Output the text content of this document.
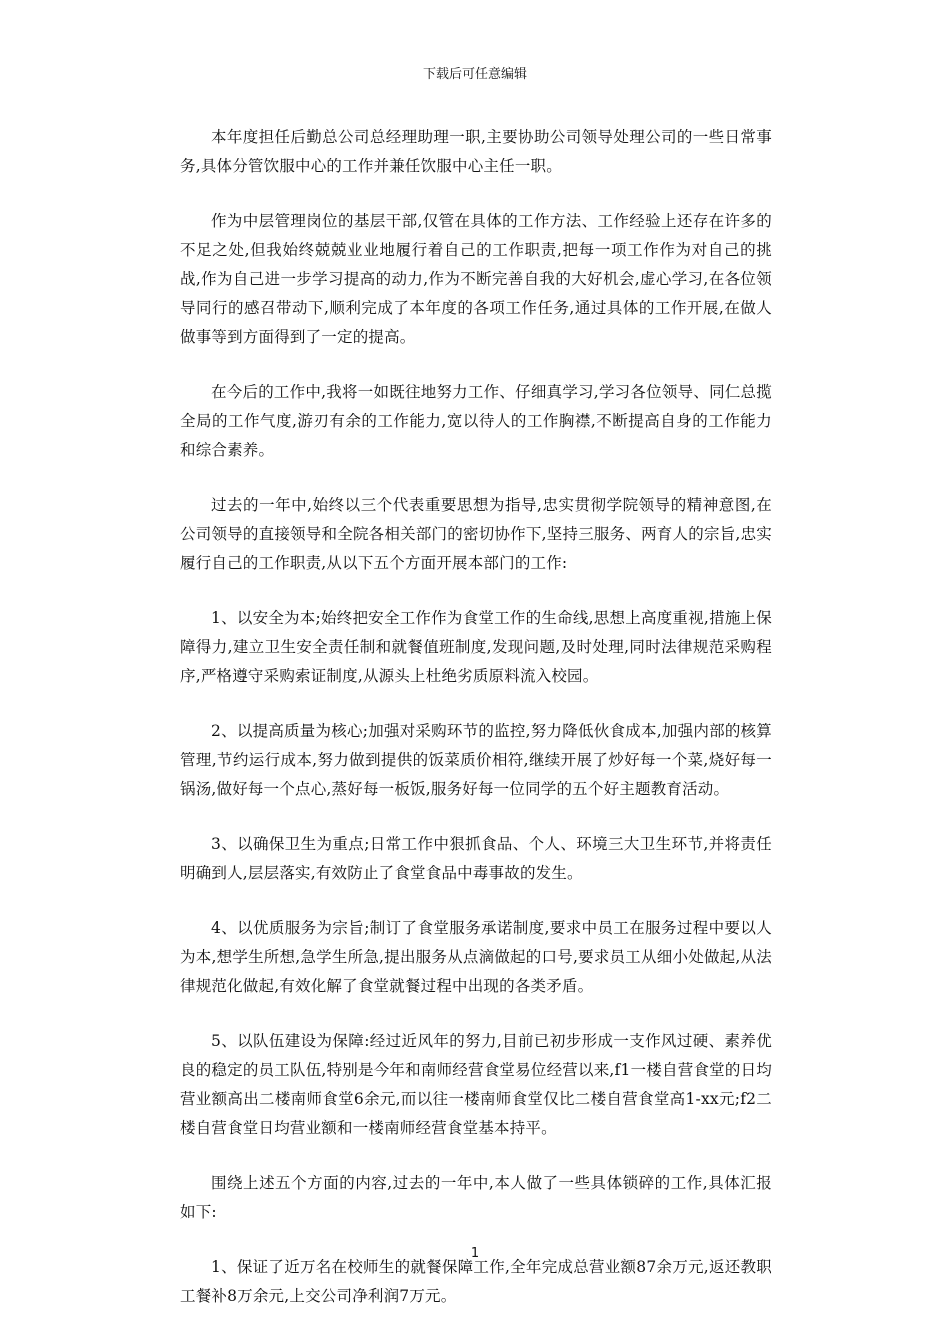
下载后可任意编辑

本年度担任后勤总公司总经理助理一职,主要协助公司领导处理公司的一些日常事务,具体分管饮服中心的工作并兼任饮服中心主任一职。

作为中层管理岗位的基层干部,仅管在具体的工作方法、工作经验上还存在许多的不足之处,但我始终兢兢业业地履行着自己的工作职责,把每一项工作作为对自己的挑战,作为自己进一步学习提高的动力,作为不断完善自我的大好机会,虚心学习,在各位领导同行的感召带动下,顺利完成了本年度的各项工作任务,通过具体的工作开展,在做人做事等到方面得到了一定的提高。

在今后的工作中,我将一如既往地努力工作、仔细真学习,学习各位领导、同仁总揽全局的工作气度,游刃有余的工作能力,宽以待人的工作胸襟,不断提高自身的工作能力和综合素养。

过去的一年中,始终以三个代表重要思想为指导,忠实贯彻学院领导的精神意图,在公司领导的直接领导和全院各相关部门的密切协作下,坚持三服务、两育人的宗旨,忠实履行自己的工作职责,从以下五个方面开展本部门的工作:

1、以安全为本;始终把安全工作作为食堂工作的生命线,思想上高度重视,措施上保障得力,建立卫生安全责任制和就餐值班制度,发现问题,及时处理,同时法律规范采购程序,严格遵守采购索证制度,从源头上杜绝劣质原料流入校园。

2、以提高质量为核心;加强对采购环节的监控,努力降低伙食成本,加强内部的核算管理,节约运行成本,努力做到提供的饭菜质价相符,继续开展了炒好每一个菜,烧好每一锅汤,做好每一个点心,蒸好每一板饭,服务好每一位同学的五个好主题教育活动。

3、以确保卫生为重点;日常工作中狠抓食品、个人、环境三大卫生环节,并将责任明确到人,层层落实,有效防止了食堂食品中毒事故的发生。

4、以优质服务为宗旨;制订了食堂服务承诺制度,要求中员工在服务过程中要以人为本,想学生所想,急学生所急,提出服务从点滴做起的口号,要求员工从细小处做起,从法律规范化做起,有效化解了食堂就餐过程中出现的各类矛盾。

5、以队伍建设为保障:经过近风年的努力,目前已初步形成一支作风过硬、素养优良的稳定的员工队伍,特别是今年和南师经营食堂易位经营以来,f1一楼自营食堂的日均营业额高出二楼南师食堂6余元,而以往一楼南师食堂仅比二楼自营食堂高1-xx元;f2二楼自营食堂日均营业额和一楼南师经营食堂基本持平。

围绕上述五个方面的内容,过去的一年中,本人做了一些具体锁碎的工作,具体汇报如下:

1、保证了近万名在校师生的就餐保障工作,全年完成总营业额87余万元,返还教职工餐补8万余元,上交公司净利润7万元。

1
